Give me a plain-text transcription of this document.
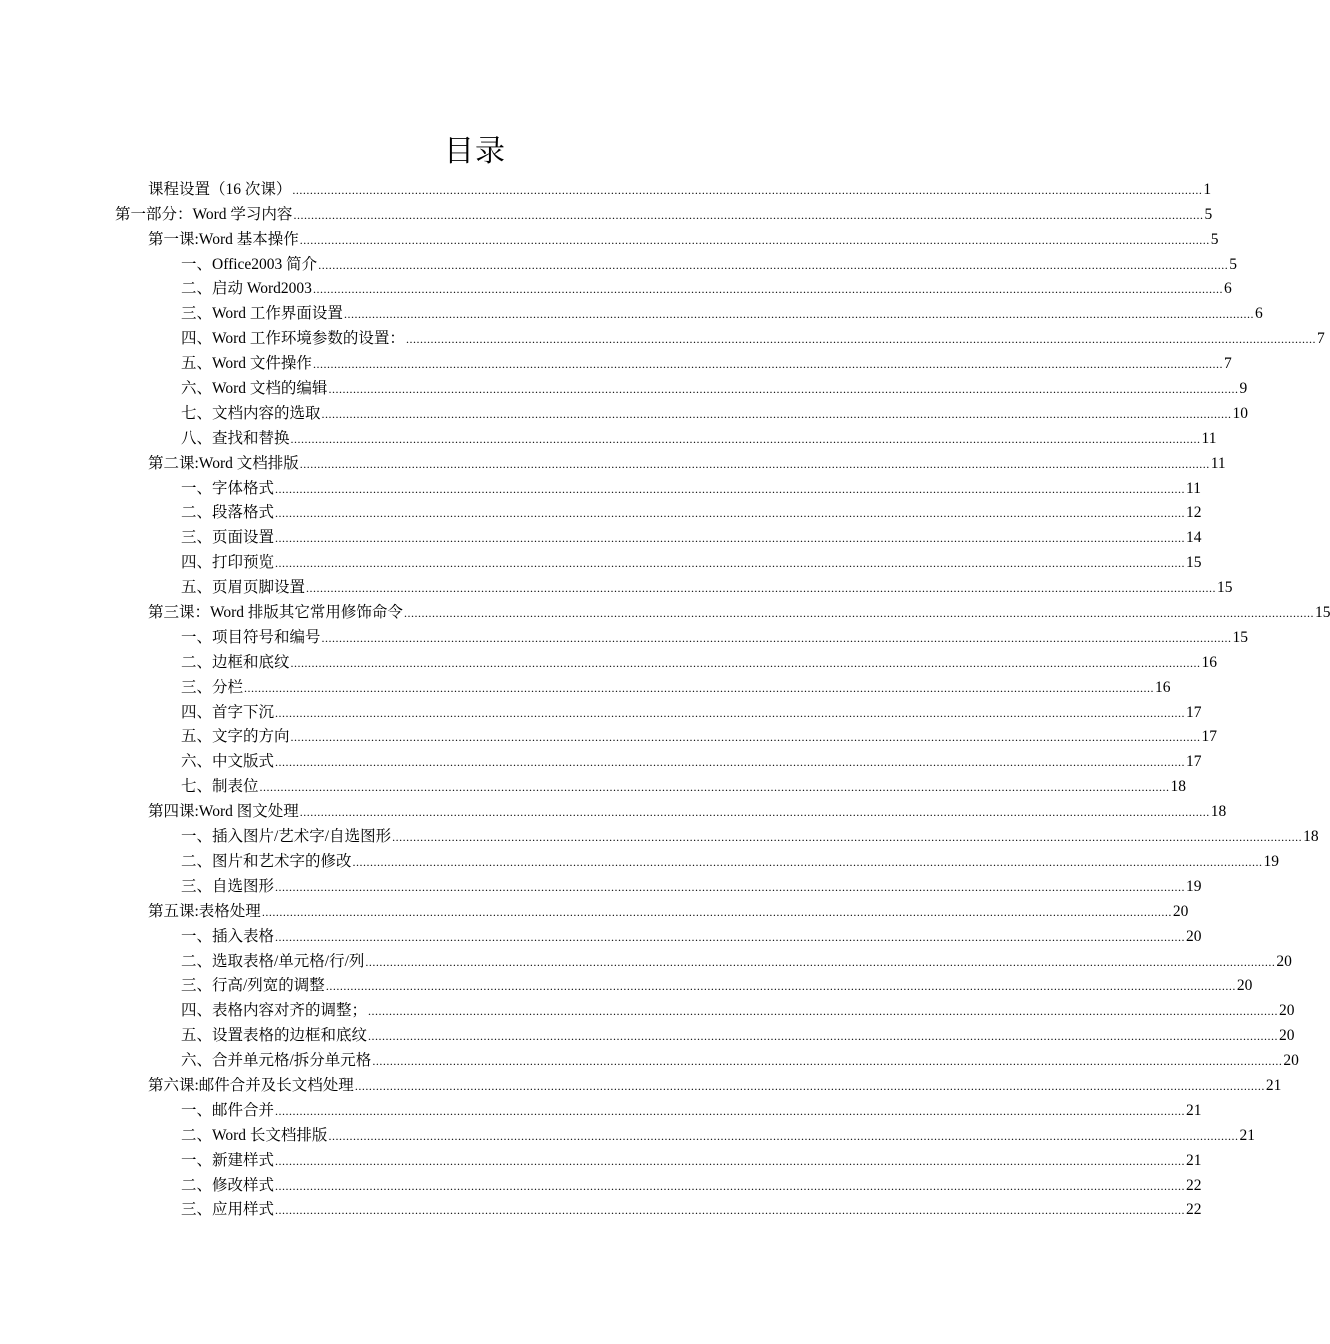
目录
课程设置（16 次课） .................................................................................................................................................................................................................................................................... 1
第一部分：Word 学习内容 .................................................................................................................................................................................................................................................................... 5
第一课:Word 基本操作 .................................................................................................................................................................................................................................................................... 5
一、Office2003 简介 .................................................................................................................................................................................................................................................................... 5
二、启动 Word2003 .................................................................................................................................................................................................................................................................... 6
三、Word 工作界面设置 .................................................................................................................................................................................................................................................................... 6
四、Word 工作环境参数的设置： .................................................................................................................................................................................................................................................................... 7
五、Word 文件操作 .................................................................................................................................................................................................................................................................... 7
六、Word 文档的编辑 .................................................................................................................................................................................................................................................................... 9
七、文档内容的选取 .................................................................................................................................................................................................................................................................... 10
八、查找和替换 .................................................................................................................................................................................................................................................................... 11
第二课:Word 文档排版 .................................................................................................................................................................................................................................................................... 11
一、字体格式 .................................................................................................................................................................................................................................................................... 11
二、段落格式 .................................................................................................................................................................................................................................................................... 12
三、页面设置 .................................................................................................................................................................................................................................................................... 14
四、打印预览 .................................................................................................................................................................................................................................................................... 15
五、页眉页脚设置 .................................................................................................................................................................................................................................................................... 15
第三课：Word 排版其它常用修饰命令 .................................................................................................................................................................................................................................................................... 15
一、项目符号和编号 .................................................................................................................................................................................................................................................................... 15
二、边框和底纹 .................................................................................................................................................................................................................................................................... 16
三、分栏 .................................................................................................................................................................................................................................................................... 16
四、首字下沉 .................................................................................................................................................................................................................................................................... 17
五、文字的方向 .................................................................................................................................................................................................................................................................... 17
六、中文版式 .................................................................................................................................................................................................................................................................... 17
七、制表位 .................................................................................................................................................................................................................................................................... 18
第四课:Word 图文处理 .................................................................................................................................................................................................................................................................... 18
一、插入图片/艺术字/自选图形 .................................................................................................................................................................................................................................................................... 18
二、图片和艺术字的修改 .................................................................................................................................................................................................................................................................... 19
三、自选图形 .................................................................................................................................................................................................................................................................... 19
第五课:表格处理 .................................................................................................................................................................................................................................................................... 20
一、插入表格 .................................................................................................................................................................................................................................................................... 20
二、选取表格/单元格/行/列 .................................................................................................................................................................................................................................................................... 20
三、行高/列宽的调整 .................................................................................................................................................................................................................................................................... 20
四、表格内容对齐的调整； .................................................................................................................................................................................................................................................................... 20
五、设置表格的边框和底纹 .................................................................................................................................................................................................................................................................... 20
六、合并单元格/拆分单元格 .................................................................................................................................................................................................................................................................... 20
第六课:邮件合并及长文档处理 .................................................................................................................................................................................................................................................................... 21
一、邮件合并 .................................................................................................................................................................................................................................................................... 21
二、Word 长文档排版 .................................................................................................................................................................................................................................................................... 21
一、新建样式 .................................................................................................................................................................................................................................................................... 21
二、修改样式 .................................................................................................................................................................................................................................................................... 22
三、应用样式 .................................................................................................................................................................................................................................................................... 22
